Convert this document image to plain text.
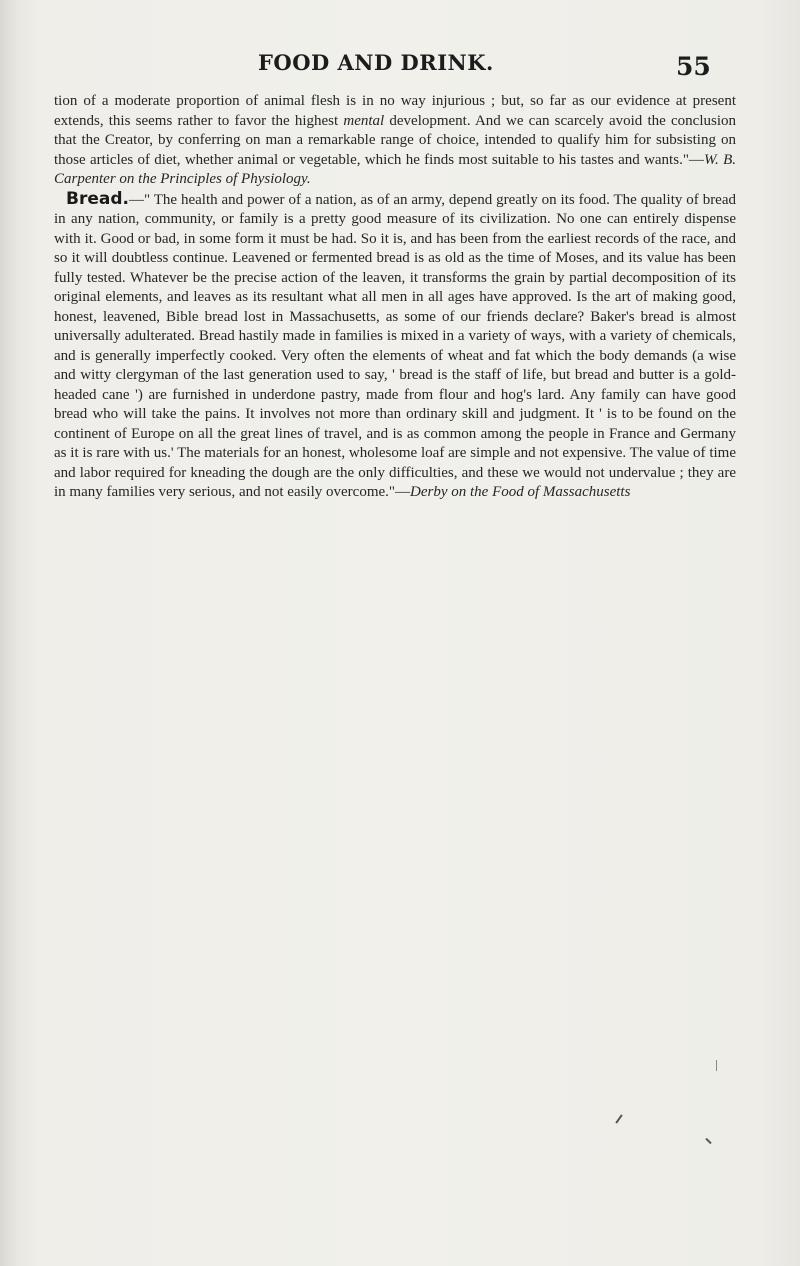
FOOD AND DRINK.	55

tion of a moderate proportion of animal flesh is in no way injurious ; but, so far as our evidence at present extends, this seems rather to favor the highest mental development. And we can scarcely avoid the conclusion that the Creator, by conferring on man a remarkable range of choice, intended to qualify him for subsisting on those articles of diet, whether animal or vegetable, which he finds most suitable to his tastes and wants."—W. B. Carpenter on the Principles of Physiology.

Bread.—" The health and power of a nation, as of an army, depend greatly on its food. The quality of bread in any nation, community, or family is a pretty good measure of its civilization. No one can entirely dispense with it. Good or bad, in some form it must be had. So it is, and has been from the earliest records of the race, and so it will doubtless continue. Leavened or fermented bread is as old as the time of Moses, and its value has been fully tested. Whatever be the precise action of the leaven, it transforms the grain by partial decomposition of its original elements, and leaves as its resultant what all men in all ages have approved. Is the art of making good, honest, leavened, Bible bread lost in Massachusetts, as some of our friends declare? Baker's bread is almost universally adulterated. Bread hastily made in families is mixed in a variety of ways, with a variety of chemicals, and is generally imperfectly cooked. Very often the elements of wheat and fat which the body demands (a wise and witty clergyman of the last generation used to say, ' bread is the staff of life, but bread and butter is a gold-headed cane ') are furnished in underdone pastry, made from flour and hog's lard. Any family can have good bread who will take the pains. It involves not more than ordinary skill and judgment. It ' is to be found on the continent of Europe on all the great lines of travel, and is as common among the people in France and Germany as it is rare with us.' The materials for an honest, wholesome loaf are simple and not expensive. The value of time and labor required for kneading the dough are the only difficulties, and these we would not undervalue ; they are in many families very serious, and not easily overcome."—Derby on the Food of Massachusetts
